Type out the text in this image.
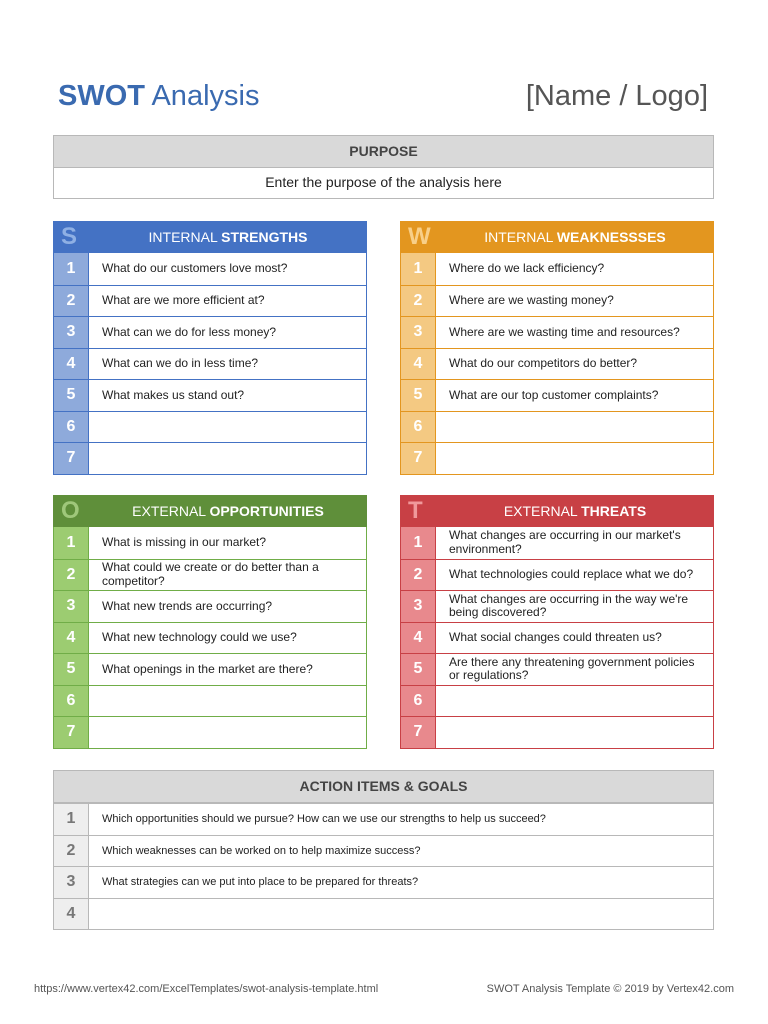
SWOT Analysis	[Name / Logo]
PURPOSE
Enter the purpose of the analysis here
S	INTERNAL STRENGTHS
1	What do our customers love most?
2	What are we more efficient at?
3	What can we do for less money?
4	What can we do in less time?
5	What makes us stand out?
6
7
W	INTERNAL WEAKNESSSES
1	Where do we lack efficiency?
2	Where are we wasting money?
3	Where are we wasting time and resources?
4	What do our competitors do better?
5	What are our top customer complaints?
6
7
O	EXTERNAL OPPORTUNITIES
1	What is missing in our market?
2	What could we create or do better than a competitor?
3	What new trends are occurring?
4	What new technology could we use?
5	What openings in the market are there?
6
7
T	EXTERNAL THREATS
1	What changes are occurring in our market's environment?
2	What technologies could replace what we do?
3	What changes are occurring in the way we're being discovered?
4	What social changes could threaten us?
5	Are there any threatening government policies or regulations?
6
7
ACTION ITEMS & GOALS
1	Which opportunities should we pursue? How can we use our strengths to help us succeed?
2	Which weaknesses can be worked on to help maximize success?
3	What strategies can we put into place to be prepared for threats?
4
https://www.vertex42.com/ExcelTemplates/swot-analysis-template.html	SWOT Analysis Template © 2019 by Vertex42.com
